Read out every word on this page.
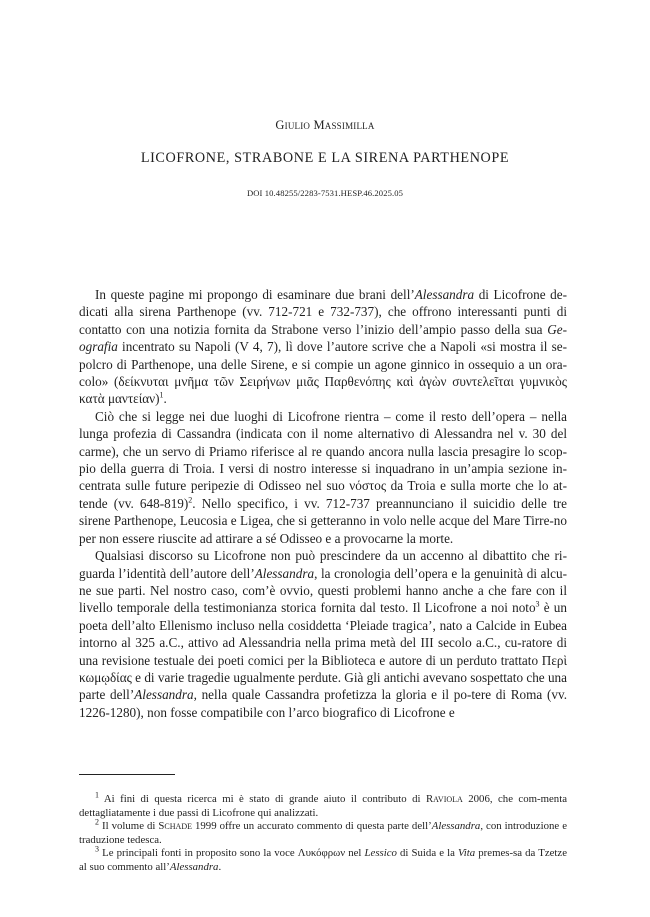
Giulio Massimilla
LICOFRONE, STRABONE E LA SIRENA PARTHENOPE
DOI 10.48255/2283-7531.HESP.46.2025.05

In queste pagine mi propongo di esaminare due brani dell’Alessandra di Licofrone de-dicati alla sirena Parthenope (vv. 712-721 e 732-737), che offrono interessanti punti di contatto con una notizia fornita da Strabone verso l’inizio dell’ampio passo della sua Ge-ografia incentrato su Napoli (V 4, 7), lì dove l’autore scrive che a Napoli «si mostra il se-polcro di Parthenope, una delle Sirene, e si compie un agone ginnico in ossequio a un ora-colo» (δείκνυται μνῆμα τῶν Σειρήνων μιᾶς Παρθενόπης καὶ ἀγὼν συντελεῖται γυμνικὸς κατὰ μαντείαν)$^1$.

Ciò che si legge nei due luoghi di Licofrone rientra – come il resto dell’opera – nella lunga profezia di Cassandra (indicata con il nome alternativo di Alessandra nel v. 30 del carme), che un servo di Priamo riferisce al re quando ancora nulla lascia presagire lo scop-pio della guerra di Troia. I versi di nostro interesse si inquadrano in un’ampia sezione in-centrata sulle future peripezie di Odisseo nel suo νόστος da Troia e sulla morte che lo at-tende (vv. 648-819)$^2$. Nello specifico, i vv. 712-737 preannunciano il suicidio delle tre sirene Parthenope, Leucosia e Ligea, che si getteranno in volo nelle acque del Mare Tirre-no per non essere riuscite ad attirare a sé Odisseo e a provocarne la morte.

Qualsiasi discorso su Licofrone non può prescindere da un accenno al dibattito che ri-guarda l’identità dell’autore dell’Alessandra, la cronologia dell’opera e la genuinità di alcu-ne sue parti. Nel nostro caso, com’è ovvio, questi problemi hanno anche a che fare con il livello temporale della testimonianza storica fornita dal testo. Il Licofrone a noi noto$^3$ è un poeta dell’alto Ellenismo incluso nella cosiddetta ‘Pleiade tragica’, nato a Calcide in Eubea intorno al 325 a.C., attivo ad Alessandria nella prima metà del III secolo a.C., cu-ratore di una revisione testuale dei poeti comici per la Biblioteca e autore di un perduto trattato Περὶ κωμῳδίας e di varie tragedie ugualmente perdute. Già gli antichi avevano sospettato che una parte dell’Alessandra, nella quale Cassandra profetizza la gloria e il po-tere di Roma (vv. 1226-1280), non fosse compatibile con l’arco biografico di Licofrone e

$^1$ Ai fini di questa ricerca mi è stato di grande aiuto il contributo di Raviola 2006, che com-menta dettagliatamente i due passi di Licofrone qui analizzati.

$^2$ Il volume di Schade 1999 offre un accurato commento di questa parte dell’Alessandra, con introduzione e traduzione tedesca.

$^3$ Le principali fonti in proposito sono la voce Λυκόφρων nel Lessico di Suida e la Vita premes-sa da Tzetze al suo commento all’Alessandra.
